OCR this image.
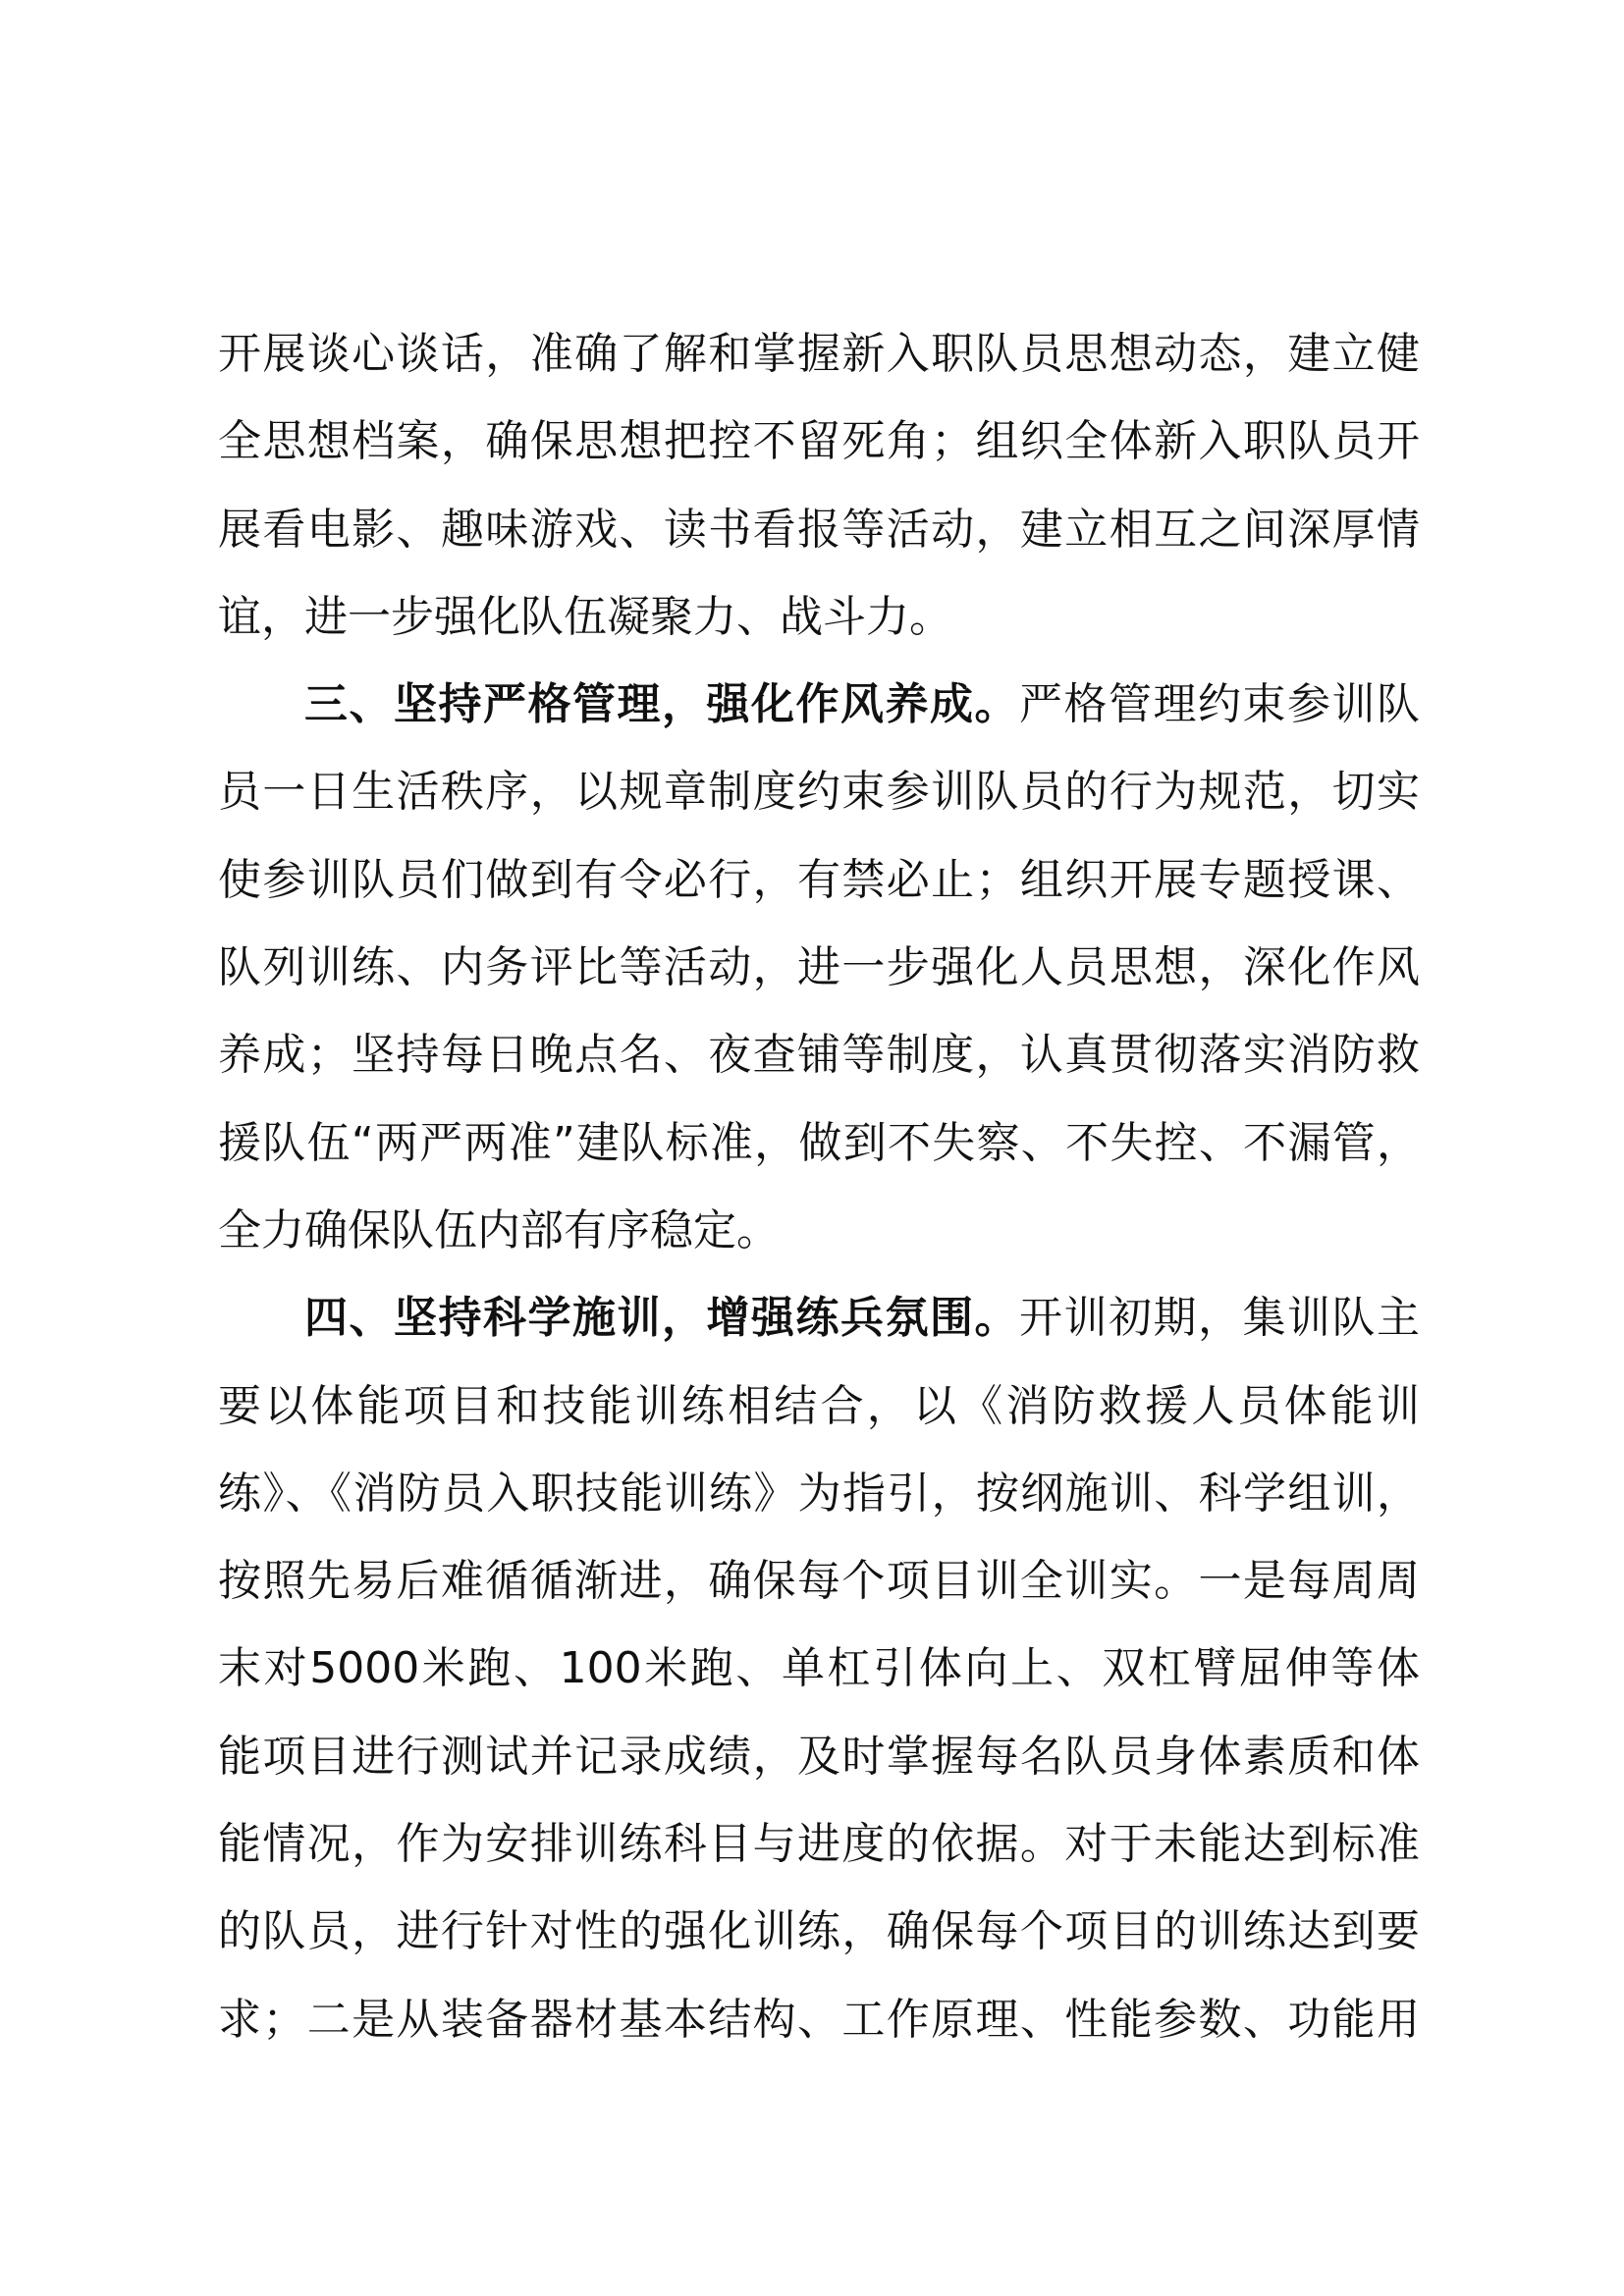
开展谈心谈话，准确了解和掌握新入职队员思想动态，建立健
全思想档案，确保思想把控不留死角；组织全体新入职队员开
展看电影、趣味游戏、读书看报等活动，建立相互之间深厚情
谊，进一步强化队伍凝聚力、战斗力。
三、坚持严格管理，强化作风养成。严格管理约束参训队
员一日生活秩序，以规章制度约束参训队员的行为规范，切实
使参训队员们做到有令必行，有禁必止；组织开展专题授课、
队列训练、内务评比等活动，进一步强化人员思想，深化作风
养成；坚持每日晚点名、夜查铺等制度，认真贯彻落实消防救
援队伍“两严两准”建队标准，做到不失察、不失控、不漏管，
全力确保队伍内部有序稳定。
四、坚持科学施训，增强练兵氛围。开训初期，集训队主
要以体能项目和技能训练相结合，以《消防救援人员体能训
练》、《消防员入职技能训练》为指引，按纲施训、科学组训，
按照先易后难循循渐进，确保每个项目训全训实。一是每周周
末对5000米跑、100米跑、单杠引体向上、双杠臂屈伸等体
能项目进行测试并记录成绩，及时掌握每名队员身体素质和体
能情况，作为安排训练科目与进度的依据。对于未能达到标准
的队员，进行针对性的强化训练，确保每个项目的训练达到要
求；二是从装备器材基本结构、工作原理、性能参数、功能用
